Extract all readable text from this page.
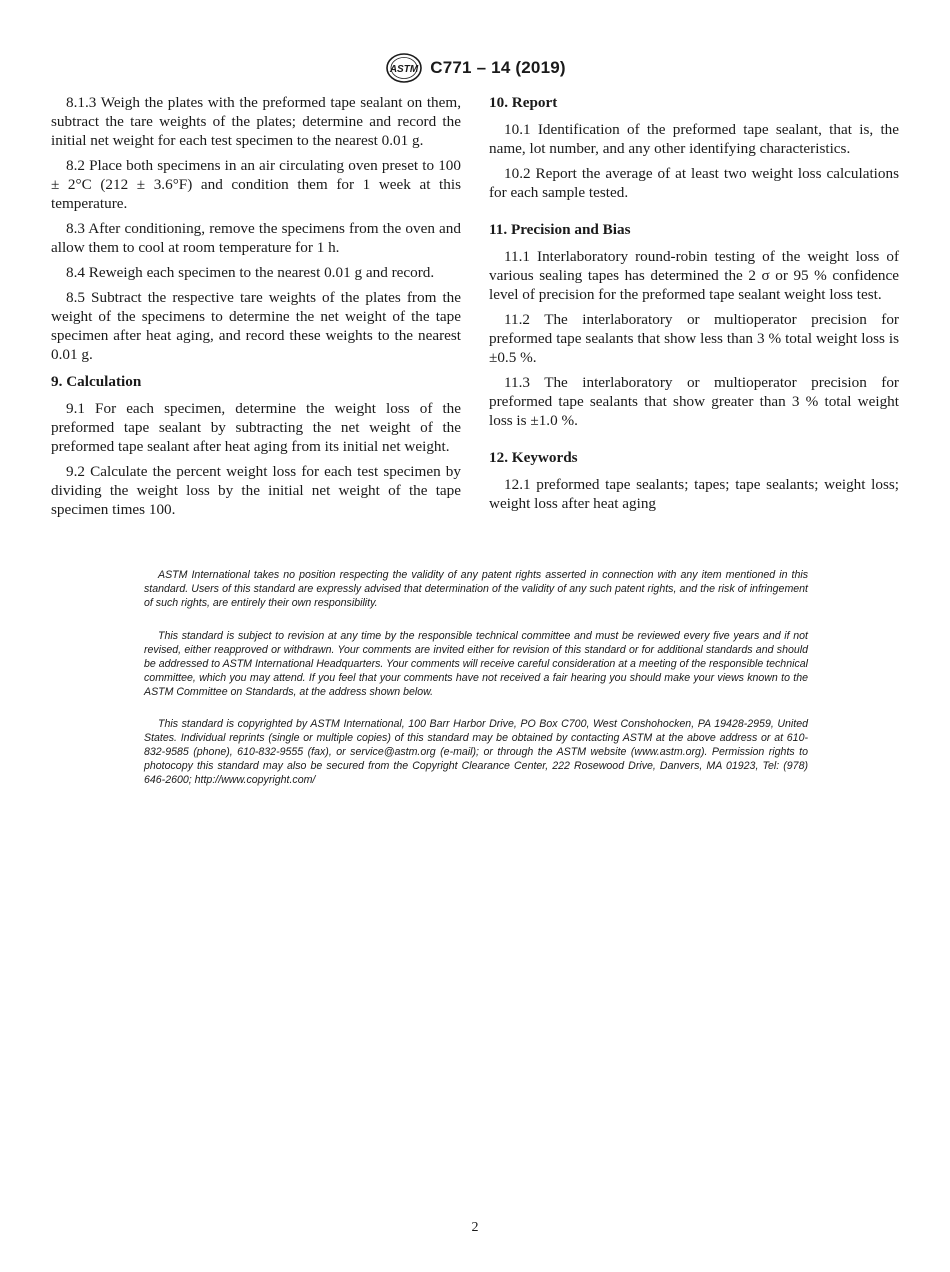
ASTM C771 – 14 (2019)

8.1.3 Weigh the plates with the preformed tape sealant on them, subtract the tare weights of the plates; determine and record the initial net weight for each test specimen to the nearest 0.01 g.

8.2 Place both specimens in an air circulating oven preset to 100 ± 2°C (212 ± 3.6°F) and condition them for 1 week at this temperature.

8.3 After conditioning, remove the specimens from the oven and allow them to cool at room temperature for 1 h.

8.4 Reweigh each specimen to the nearest 0.01 g and record.

8.5 Subtract the respective tare weights of the plates from the weight of the specimens to determine the net weight of the tape specimen after heat aging, and record these weights to the nearest 0.01 g.

9. Calculation

9.1 For each specimen, determine the weight loss of the preformed tape sealant by subtracting the net weight of the preformed tape sealant after heat aging from its initial net weight.

9.2 Calculate the percent weight loss for each test specimen by dividing the weight loss by the initial net weight of the tape specimen times 100.

10. Report

10.1 Identification of the preformed tape sealant, that is, the name, lot number, and any other identifying characteristics.

10.2 Report the average of at least two weight loss calculations for each sample tested.

11. Precision and Bias

11.1 Interlaboratory round-robin testing of the weight loss of various sealing tapes has determined the 2 σ or 95 % confidence level of precision for the preformed tape sealant weight loss test.

11.2 The interlaboratory or multioperator precision for preformed tape sealants that show less than 3 % total weight loss is ±0.5 %.

11.3 The interlaboratory or multioperator precision for preformed tape sealants that show greater than 3 % total weight loss is ±1.0 %.

12. Keywords

12.1 preformed tape sealants; tapes; tape sealants; weight loss; weight loss after heat aging

ASTM International takes no position respecting the validity of any patent rights asserted in connection with any item mentioned in this standard. Users of this standard are expressly advised that determination of the validity of any such patent rights, and the risk of infringement of such rights, are entirely their own responsibility.

This standard is subject to revision at any time by the responsible technical committee and must be reviewed every five years and if not revised, either reapproved or withdrawn. Your comments are invited either for revision of this standard or for additional standards and should be addressed to ASTM International Headquarters. Your comments will receive careful consideration at a meeting of the responsible technical committee, which you may attend. If you feel that your comments have not received a fair hearing you should make your views known to the ASTM Committee on Standards, at the address shown below.

This standard is copyrighted by ASTM International, 100 Barr Harbor Drive, PO Box C700, West Conshohocken, PA 19428-2959, United States. Individual reprints (single or multiple copies) of this standard may be obtained by contacting ASTM at the above address or at 610-832-9585 (phone), 610-832-9555 (fax), or service@astm.org (e-mail); or through the ASTM website (www.astm.org). Permission rights to photocopy this standard may also be secured from the Copyright Clearance Center, 222 Rosewood Drive, Danvers, MA 01923, Tel: (978) 646-2600; http://www.copyright.com/

2
